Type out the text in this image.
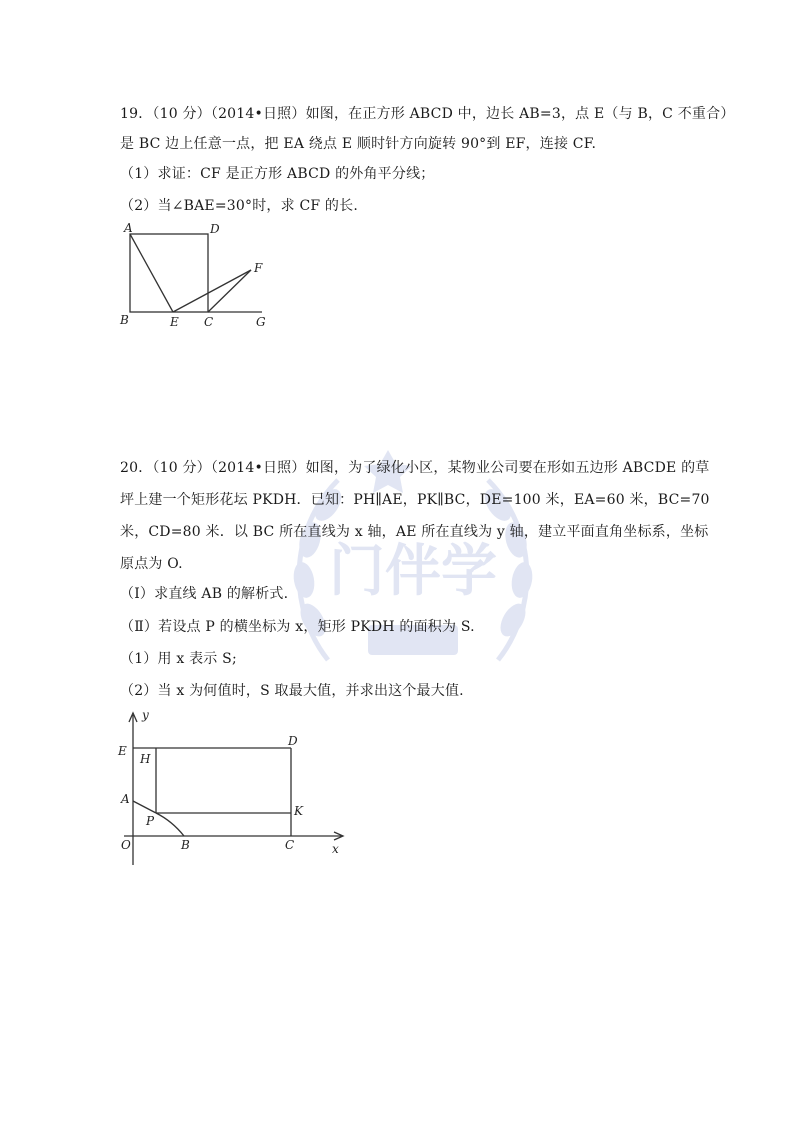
门伴学
19．（10 分）（2014•日照）如图，在正方形 ABCD 中，边长 AB=3，点 E（与 B，C 不重合）
是 BC 边上任意一点，把 EA 绕点 E 顺时针方向旋转 90°到 EF，连接 CF.
（1）求证：CF 是正方形 ABCD 的外角平分线；
（2）当∠BAE=30°时，求 CF 的长.
A	D
F
B	E C	G
20．（10 分）（2014•日照）如图，为了绿化小区，某物业公司要在形如五边形 ABCDE 的草
坪上建一个矩形花坛 PKDH．已知：PH∥AE，PK∥BC，DE=100 米，EA=60 米，BC=70
米，CD=80 米．以 BC 所在直线为 x 轴，AE 所在直线为 y 轴，建立平面直角坐标系，坐标
原点为 O.
（Ⅰ）求直线 AB 的解析式.
（Ⅱ）若设点 P 的横坐标为 x，矩形 PKDH 的面积为 S.
（1）用 x 表示 S;
（2）当 x 为何值时，S 取最大值，并求出这个最大值.
y
E
H
D
A
P
K
O	B	C	x
